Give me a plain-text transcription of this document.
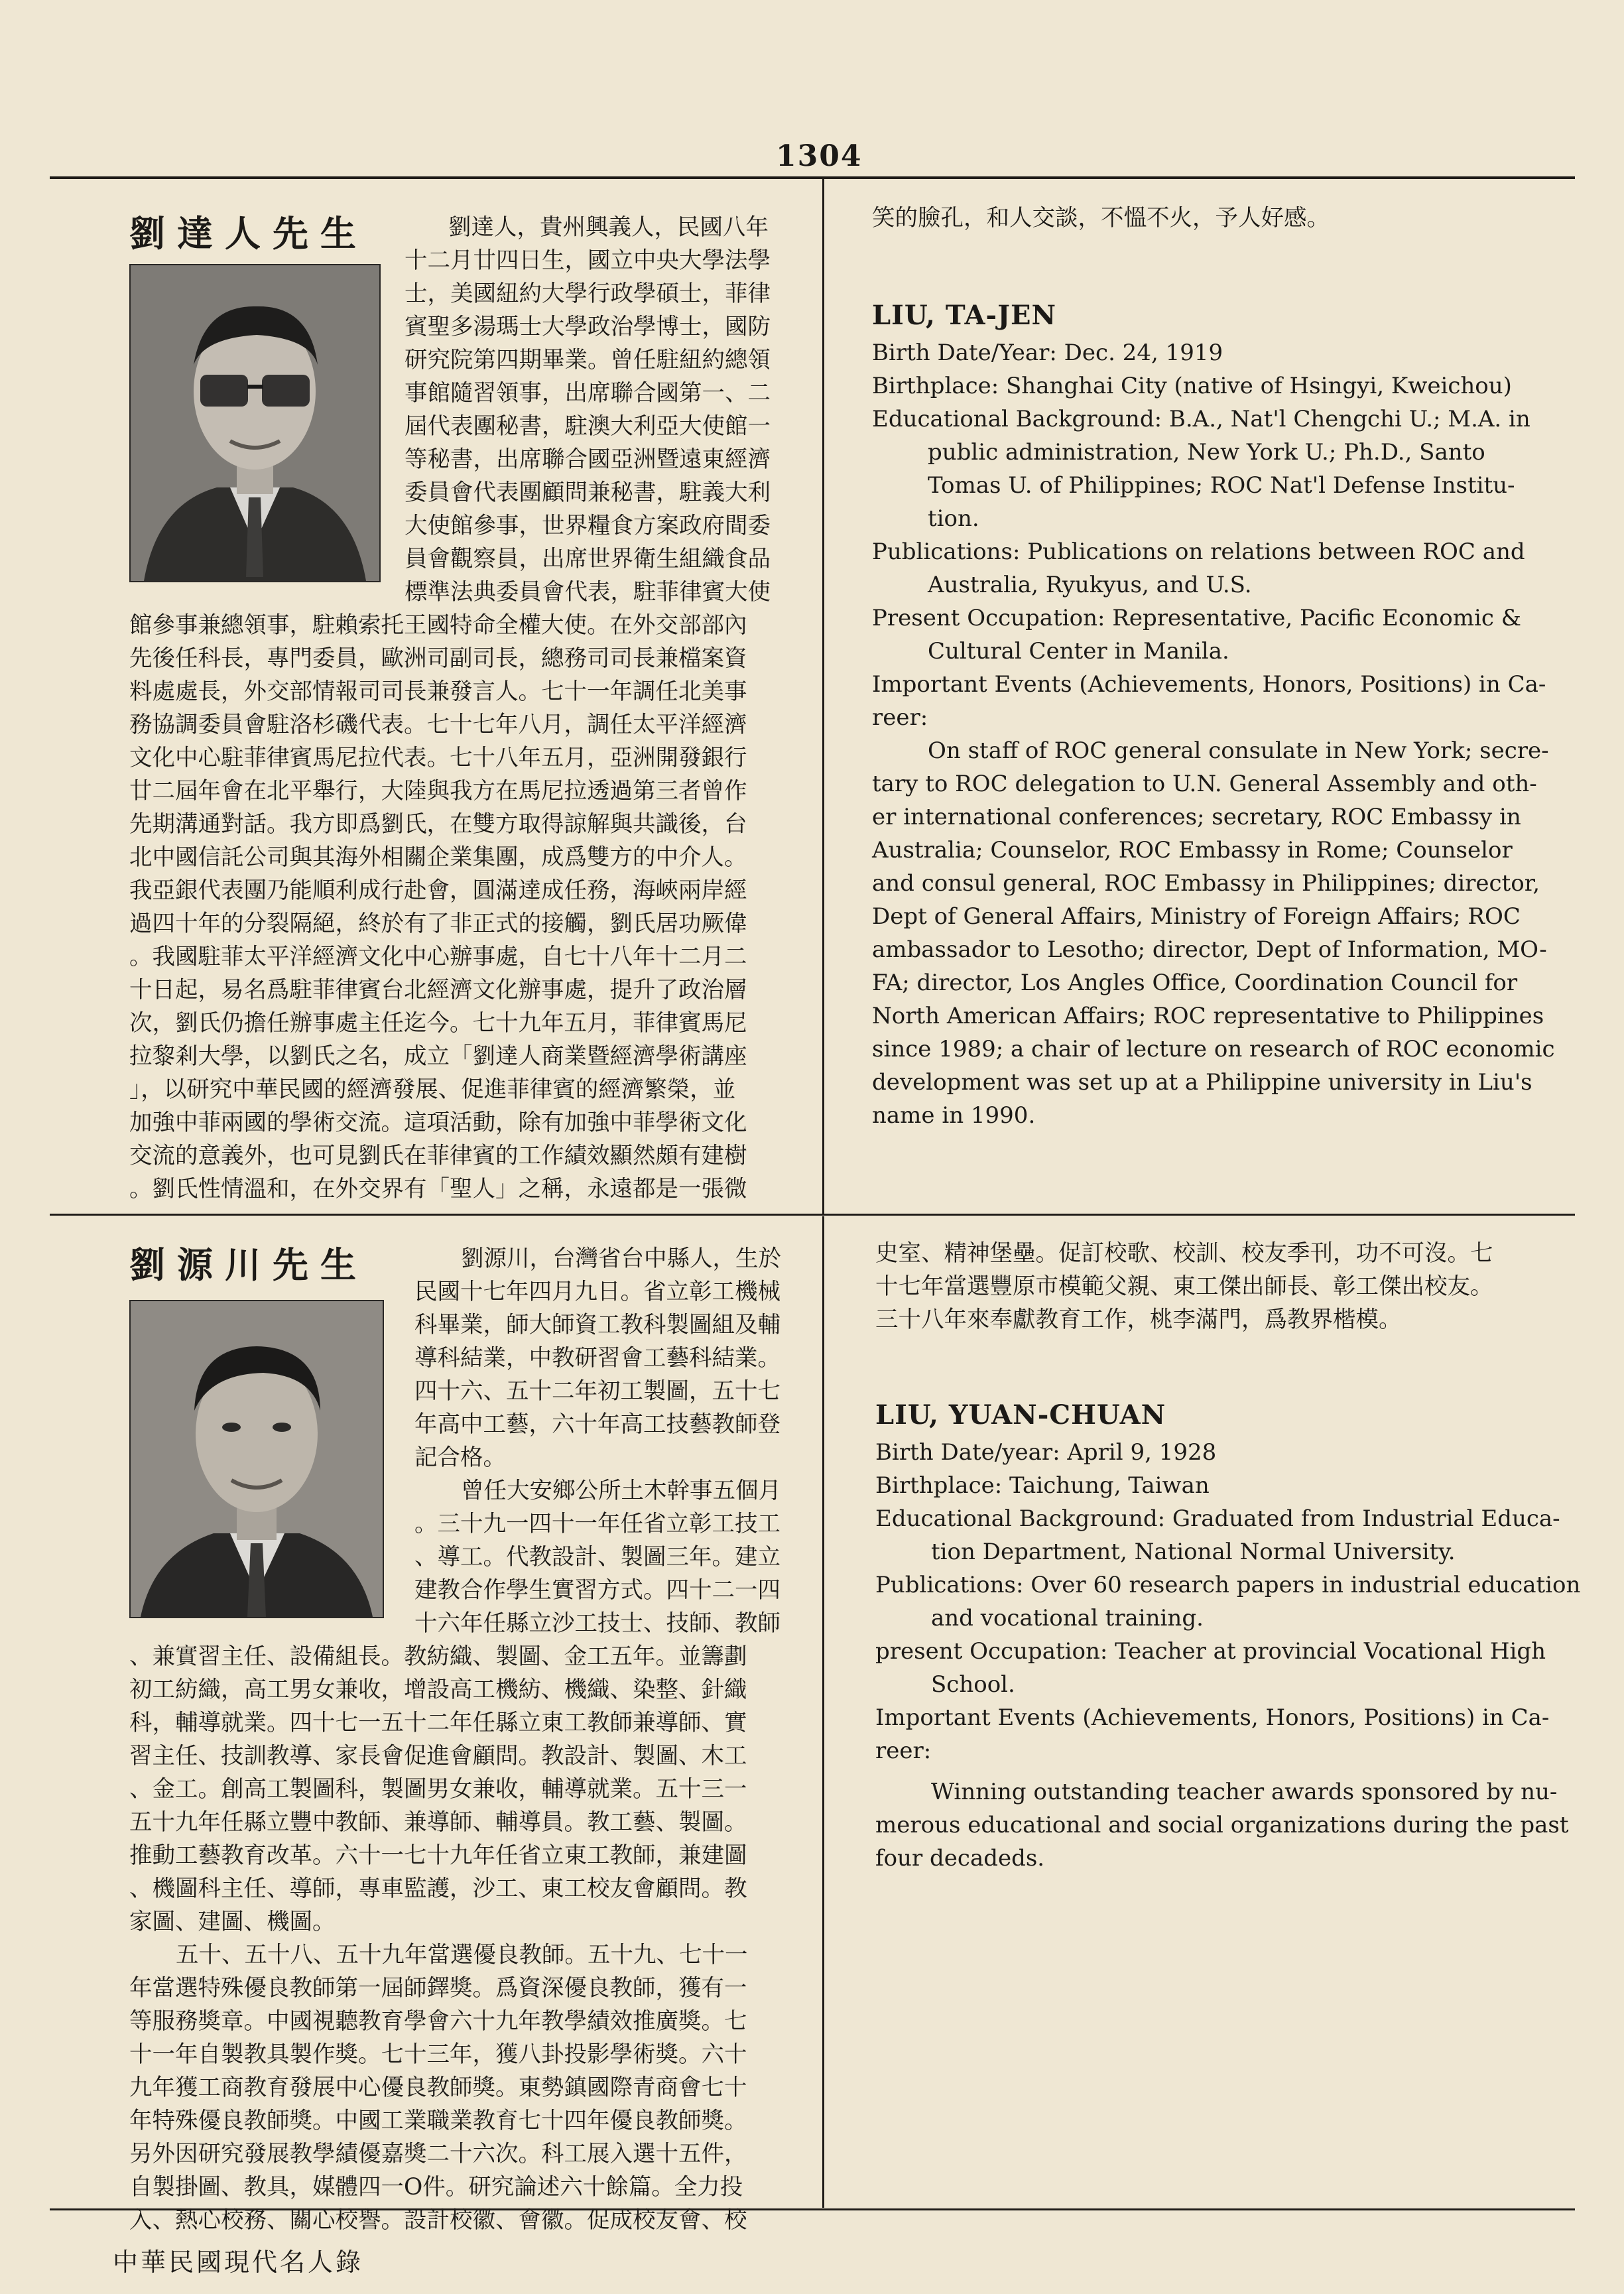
1304
劉達人先生	劉達人，貴州興義人，民國八年
十二月廿四日生，國立中央大學法學
士，美國紐約大學行政學碩士，菲律
賓聖多湯瑪士大學政治學博士，國防
研究院第四期畢業。曾任駐紐約總領
事館隨習領事，出席聯合國第一、二
屆代表團秘書，駐澳大利亞大使館一
等秘書，出席聯合國亞洲暨遠東經濟
委員會代表團顧問兼秘書，駐義大利
大使館參事，世界糧食方案政府間委
員會觀察員，出席世界衛生組織食品
標準法典委員會代表，駐菲律賓大使
館參事兼總領事，駐賴索托王國特命全權大使。在外交部部內
先後任科長，專門委員，歐洲司副司長，總務司司長兼檔案資
料處處長，外交部情報司司長兼發言人。七十一年調任北美事
務協調委員會駐洛杉磯代表。七十七年八月，調任太平洋經濟
文化中心駐菲律賓馬尼拉代表。七十八年五月，亞洲開發銀行
廿二屆年會在北平舉行，大陸與我方在馬尼拉透過第三者曾作
先期溝通對話。我方即爲劉氏，在雙方取得諒解與共識後，台
北中國信託公司與其海外相關企業集團，成爲雙方的中介人。
我亞銀代表團乃能順利成行赴會，圓滿達成任務，海峽兩岸經
過四十年的分裂隔絕，終於有了非正式的接觸，劉氏居功厥偉
。我國駐菲太平洋經濟文化中心辦事處，自七十八年十二月二
十日起，易名爲駐菲律賓台北經濟文化辦事處，提升了政治層
次，劉氏仍擔任辦事處主任迄今。七十九年五月，菲律賓馬尼
拉黎剎大學，以劉氏之名，成立「劉達人商業暨經濟學術講座
」，以研究中華民國的經濟發展、促進菲律賓的經濟繁榮，並
加強中菲兩國的學術交流。這項活動，除有加強中菲學術文化
交流的意義外，也可見劉氏在菲律賓的工作績效顯然頗有建樹
。劉氏性情溫和，在外交界有「聖人」之稱，永遠都是一張微
笑的臉孔，和人交談，不慍不火，予人好感。
LIU, TA-JEN
Birth Date/Year: Dec. 24, 1919
Birthplace: Shanghai City (native of Hsingyi, Kweichou)
Educational Background: B.A., Nat'l Chengchi U.; M.A. in
public administration, New York U.; Ph.D., Santo
Tomas U. of Philippines; ROC Nat'l Defense Institu-
tion.
Publications: Publications on relations between ROC and
Australia, Ryukyus, and U.S.
Present Occupation: Representative, Pacific Economic &
Cultural Center in Manila.
Important Events (Achievements, Honors, Positions) in Ca-
reer:
On staff of ROC general consulate in New York; secre-
tary to ROC delegation to U.N. General Assembly and oth-
er international conferences; secretary, ROC Embassy in
Australia; Counselor, ROC Embassy in Rome; Counselor
and consul general, ROC Embassy in Philippines; director,
Dept of General Affairs, Ministry of Foreign Affairs; ROC
ambassador to Lesotho; director, Dept of Information, MO-
FA; director, Los Angles Office, Coordination Council for
North American Affairs; ROC representative to Philippines
since 1989; a chair of lecture on research of ROC economic
development was set up at a Philippine university in Liu's
name in 1990.
劉源川先生	劉源川，台灣省台中縣人，生於
民國十七年四月九日。省立彰工機械
科畢業，師大師資工教科製圖組及輔
導科結業，中教研習會工藝科結業。
四十六、五十二年初工製圖，五十七
年高中工藝，六十年高工技藝教師登
記合格。
曾任大安鄉公所土木幹事五個月
。三十九一四十一年任省立彰工技工
、導工。代教設計、製圖三年。建立
建教合作學生實習方式。四十二一四
十六年任縣立沙工技士、技師、教師
、兼實習主任、設備組長。教紡織、製圖、金工五年。並籌劃
初工紡織，高工男女兼收，增設高工機紡、機織、染整、針織
科，輔導就業。四十七一五十二年任縣立東工教師兼導師、實
習主任、技訓教導、家長會促進會顧問。教設計、製圖、木工
、金工。創高工製圖科，製圖男女兼收，輔導就業。五十三一
五十九年任縣立豐中教師、兼導師、輔導員。教工藝、製圖。
推動工藝教育改革。六十一七十九年任省立東工教師，兼建圖
、機圖科主任、導師，專車監護，沙工、東工校友會顧問。教
家圖、建圖、機圖。
五十、五十八、五十九年當選優良教師。五十九、七十一
年當選特殊優良教師第一屆師鐸獎。爲資深優良教師，獲有一
等服務獎章。中國視聽教育學會六十九年教學績效推廣獎。七
十一年自製教具製作獎。七十三年，獲八卦投影學術獎。六十
九年獲工商教育發展中心優良教師獎。東勢鎮國際青商會七十
年特殊優良教師獎。中國工業職業教育七十四年優良教師獎。
另外因研究發展教學績優嘉獎二十六次。科工展入選十五件，
自製掛圖、教具，媒體四一O件。研究論述六十餘篇。全力投
入、熱心校務、關心校譽。設計校徽、會徽。促成校友會、校
史室、精神堡壘。促訂校歌、校訓、校友季刊，功不可沒。七
十七年當選豐原市模範父親、東工傑出師長、彰工傑出校友。
三十八年來奉獻教育工作，桃李滿門，爲教界楷模。
LIU, YUAN-CHUAN
Birth Date/year: April 9, 1928
Birthplace: Taichung, Taiwan
Educational Background: Graduated from Industrial Educa-
tion Department, National Normal University.
Publications: Over 60 research papers in industrial education
and vocational training.
present Occupation: Teacher at provincial Vocational High
School.
Important Events (Achievements, Honors, Positions) in Ca-
reer:
Winning outstanding teacher awards sponsored by nu-
merous educational and social organizations during the past
four decadeds.
中華民國現代名人錄
